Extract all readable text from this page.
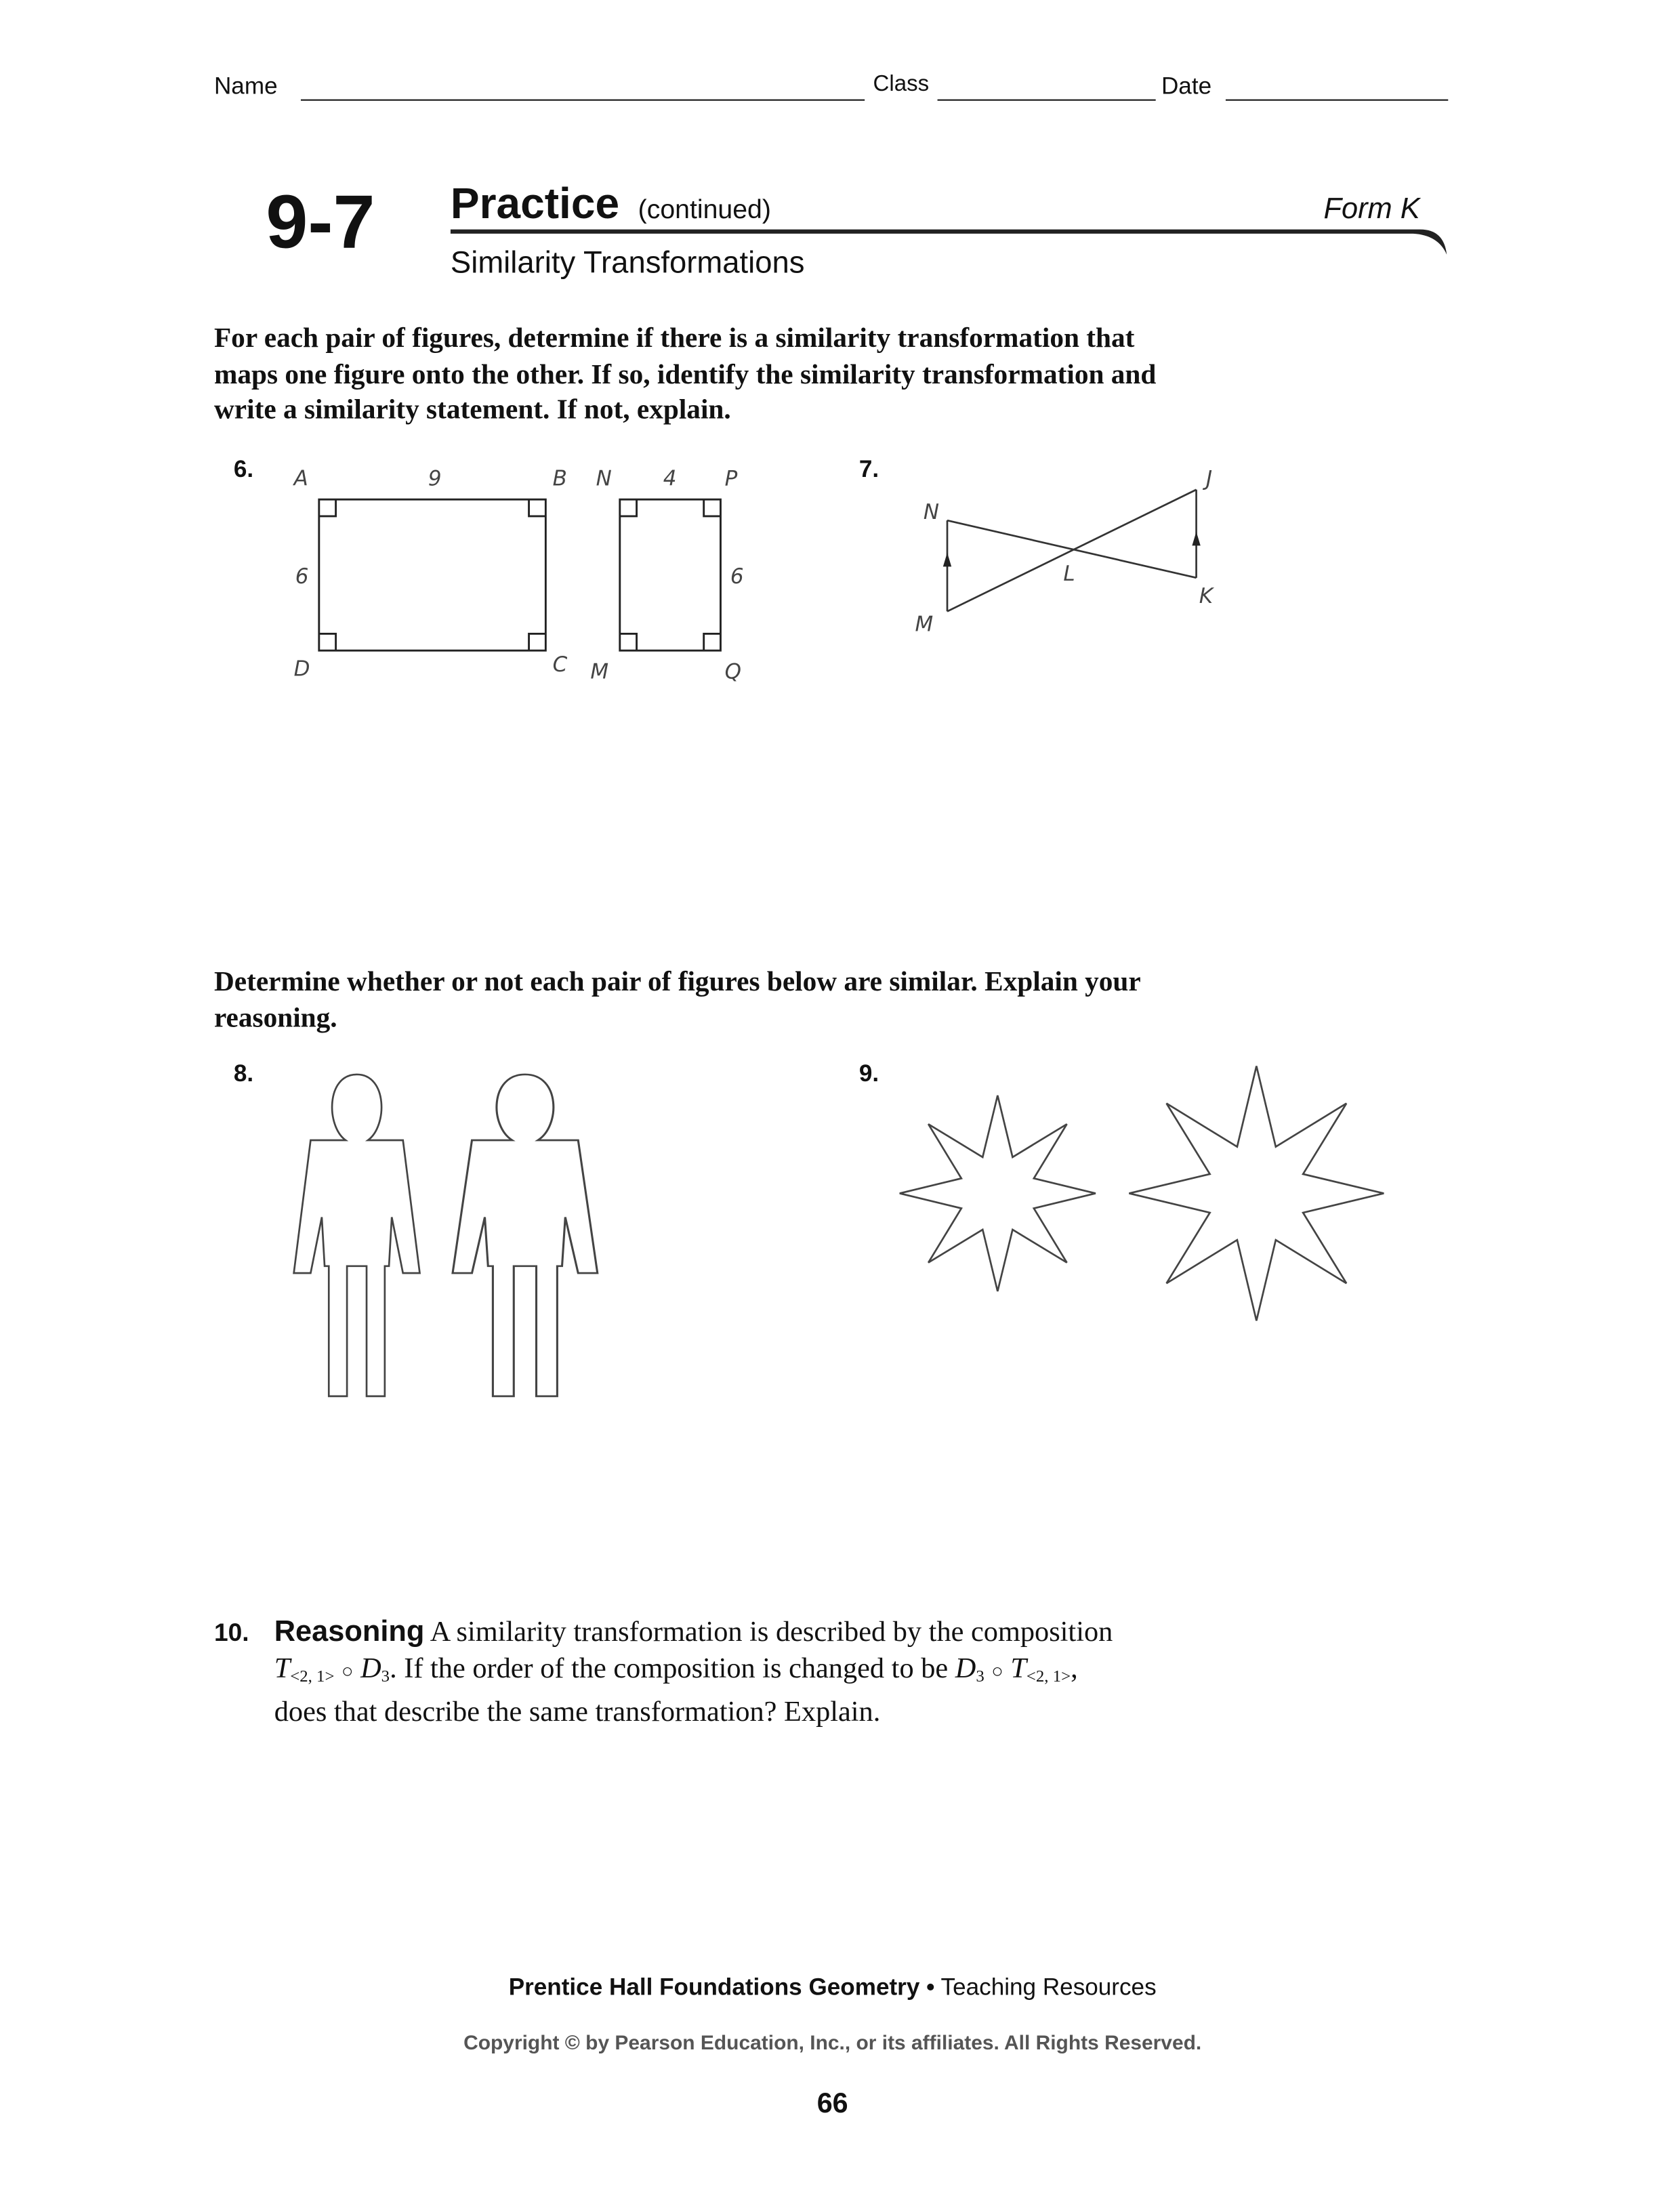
Name	Class	Date
9-7	Practice (continued)	Form K
Similarity Transformations
For each pair of figures, determine if there is a similarity transformation that
maps one figure onto the other. If so, identify the similarity transformation and
write a similarity statement. If not, explain.
6.	A	9	B	N	4	P
6	6
D	C M	Q
7.
N
M
J
K
L
Determine whether or not each pair of figures below are similar. Explain your
reasoning.
8.	9.
10. Reasoning A similarity transformation is described by the composition
$T_{<2, 1>}$ ○ $D_3$. If the order of the composition is changed to be $D_3$ ○ $T_{<2, 1>}$,
does that describe the same transformation? Explain.
Prentice Hall Foundations Geometry • Teaching Resources
Copyright © by Pearson Education, Inc., or its affiliates. All Rights Reserved.
66
